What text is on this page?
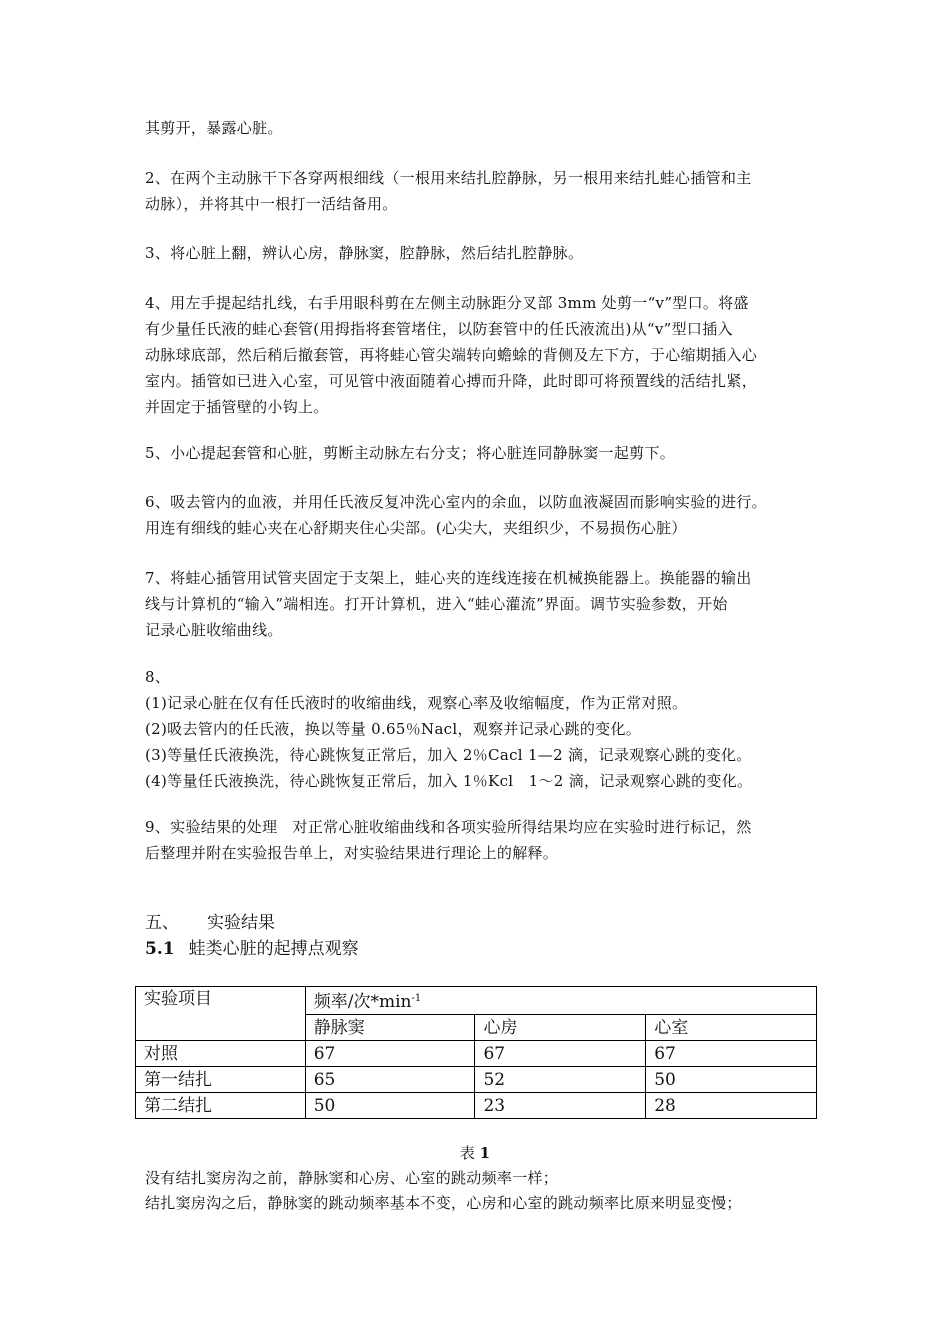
其剪开，暴露心脏。
2、在两个主动脉干下各穿两根细线（一根用来结扎腔静脉，另一根用来结扎蛙心插管和主
动脉），并将其中一根打一活结备用。
3、将心脏上翻，辨认心房，静脉窦，腔静脉，然后结扎腔静脉。
4、用左手提起结扎线，右手用眼科剪在左侧主动脉距分叉部 3mm 处剪一“v”型口。将盛
有少量任氏液的蛙心套管(用拇指将套管堵住，以防套管中的任氏液流出)从“v”型口插入
动脉球底部，然后稍后撤套管，再将蛙心管尖端转向蟾蜍的背侧及左下方，于心缩期插入心
室内。插管如已进入心室，可见管中液面随着心搏而升降，此时即可将预置线的活结扎紧，
并固定于插管壁的小钩上。
5、小心提起套管和心脏，剪断主动脉左右分支；将心脏连同静脉窦一起剪下。
6、吸去管内的血液，并用任氏液反复冲洗心室内的余血，以防血液凝固而影响实验的进行。
用连有细线的蛙心夹在心舒期夹住心尖部。(心尖大，夹组织少，不易损伤心脏）
7、将蛙心插管用试管夹固定于支架上，蛙心夹的连线连接在机械换能器上。换能器的输出
线与计算机的“输入”端相连。打开计算机，进入“蛙心灌流”界面。调节实验参数，开始
记录心脏收缩曲线。
8、
(1)记录心脏在仅有任氏液时的收缩曲线，观察心率及收缩幅度，作为正常对照。
(2)吸去管内的任氏液，换以等量 0.65％Nacl，观察并记录心跳的变化。
(3)等量任氏液换洗，待心跳恢复正常后，加入 2％Cacl 1—2 滴，记录观察心跳的变化。
(4)等量任氏液换洗，待心跳恢复正常后，加入 1％Kcl　1～2 滴，记录观察心跳的变化。
9、实验结果的处理　对正常心脏收缩曲线和各项实验所得结果均应在实验时进行标记，然
后整理并附在实验报告单上，对实验结果进行理论上的解释。
五、 实验结果
5.1 蛙类心脏的起搏点观察
实验项目	频率/次$*\min^{-1}$
	静脉窦	心房	心室
对照	67	67	67
第一结扎	65	52	50
第二结扎	50	23	28
表 1
没有结扎窦房沟之前，静脉窦和心房、心室的跳动频率一样；
结扎窦房沟之后，静脉窦的跳动频率基本不变，心房和心室的跳动频率比原来明显变慢；
